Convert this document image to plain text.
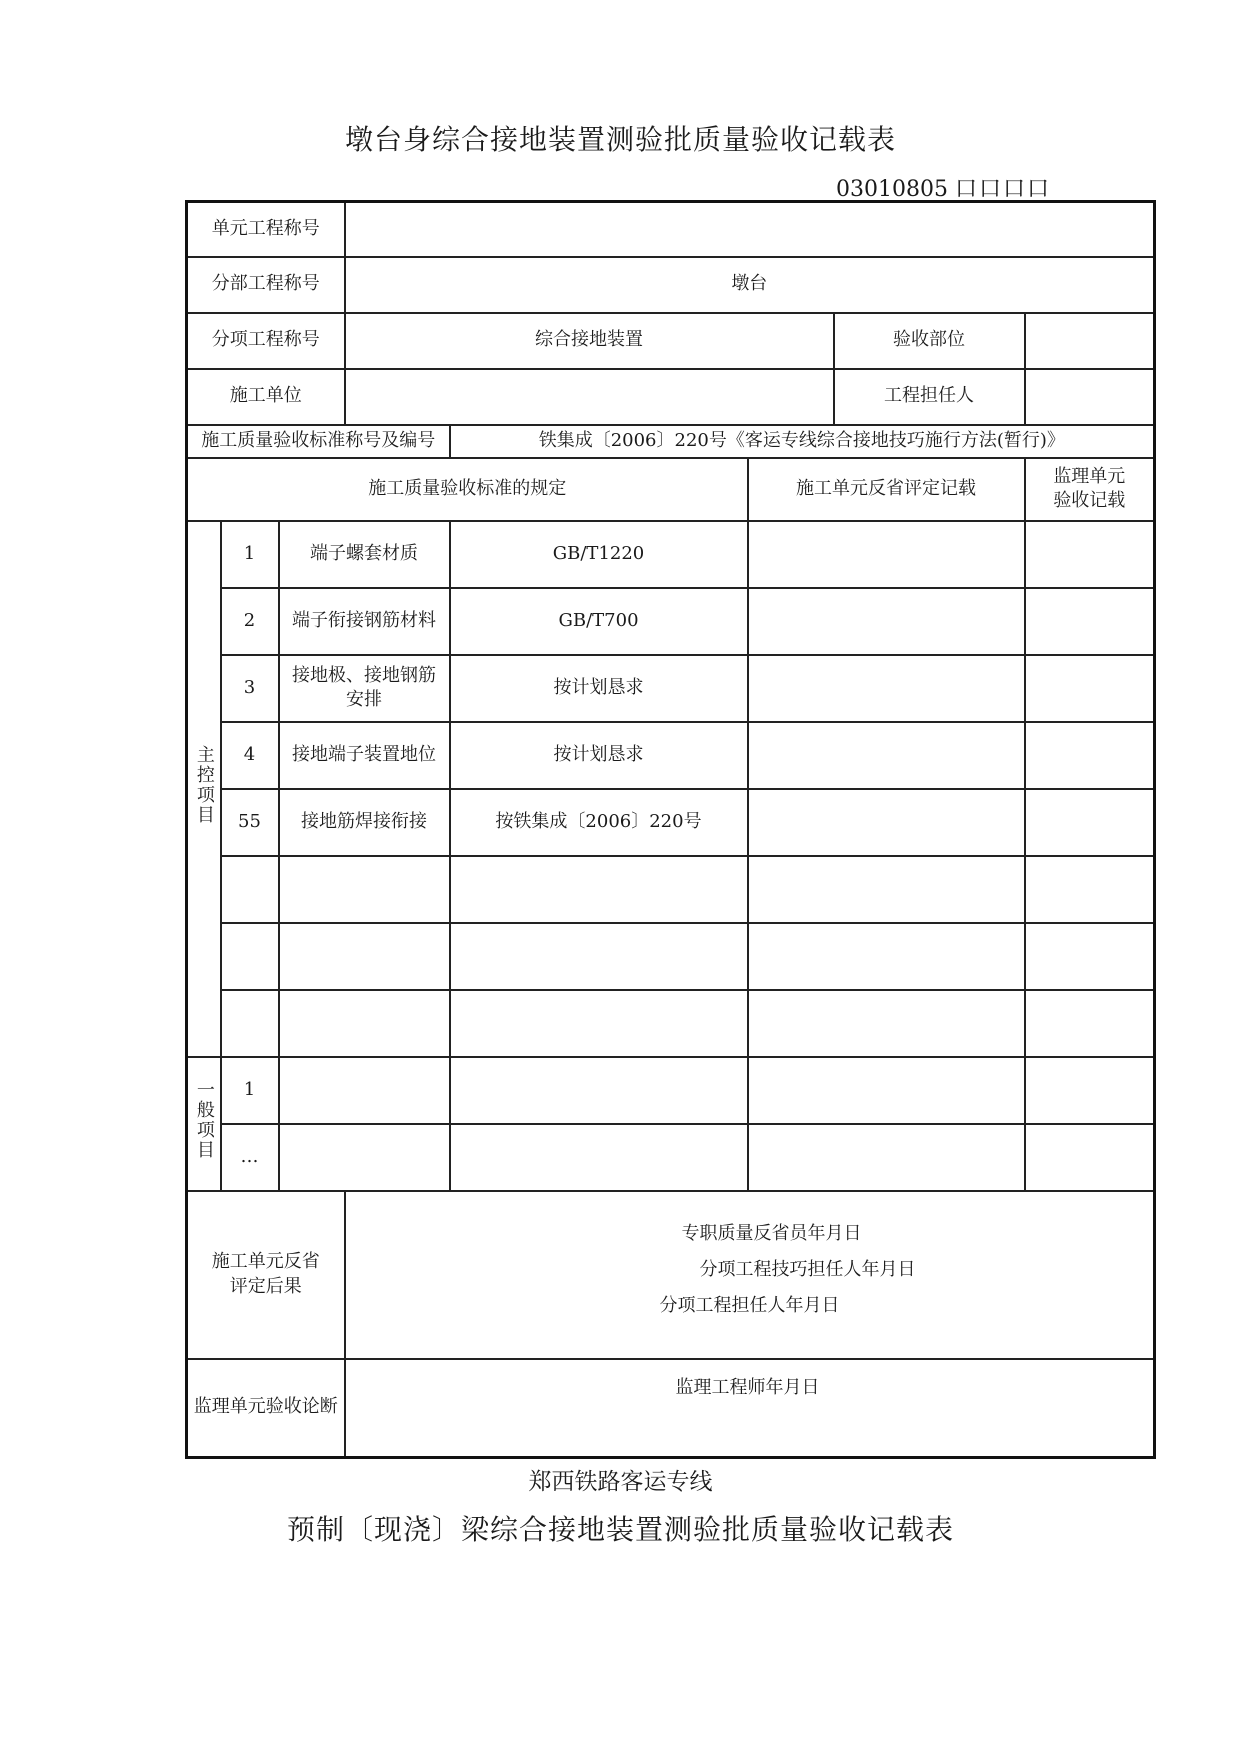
墩台身综合接地装置测验批质量验收记载表
03010805 口口口口
单元工程称号							
分部工程称号			墩台				
分项工程称号			综合接地装置			验收部位	
施工单位						工程担任人	
施工质量验收标准称号及编号				铁集成〔2006〕220号《客运专线综合接地技巧施行方法(暂行)》			
施工质量验收标准的规定					施工单元反省评定记载		监理单元验收记载

主控项目	1	端子螺套材质		GB/T1220			
	2	端子衔接钢筋材料		GB/T700			
	3	接地极、接地钢筋安排		按计划恳求			
	4	接地端子装置地位		按计划恳求			
	55	接地筋焊接衔接		按铁集成〔2006〕220号			

一般项目	1						
	…						

施工单元反省评定后果			专职质量反省员年月日
分项工程技巧担任人年月日
分项工程担任人年月日				

监理单元验收论断			监理工程师年月日				
郑西铁路客运专线
预制〔现浇〕梁综合接地装置测验批质量验收记载表
